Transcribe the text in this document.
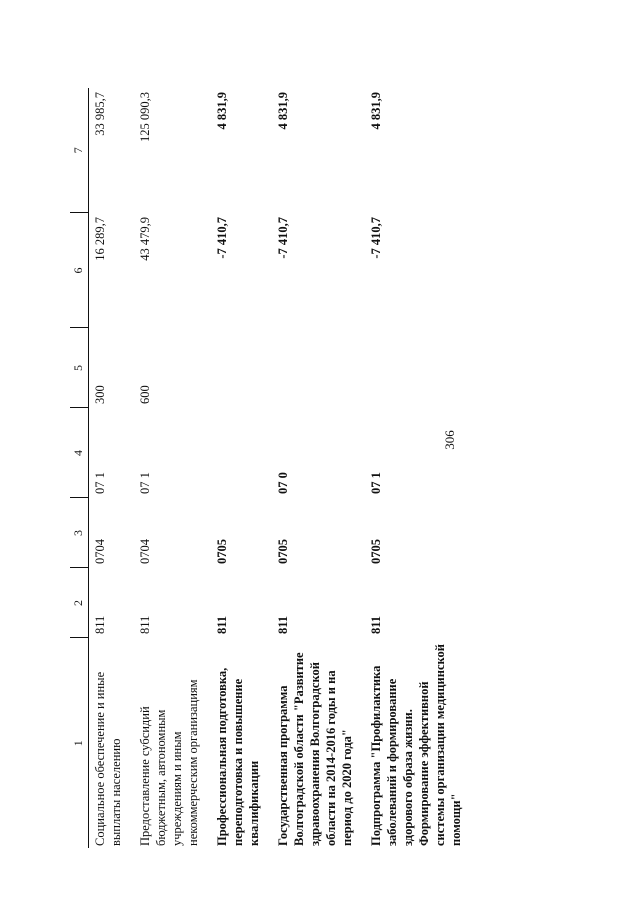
306
1	2	3	4	5	6	7
Социальное обеспечение и иные выплаты населению	811	0704	07 1	300	16 289,7	33 985,7
Предоставление субсидий бюджетным, автономным учреждениям и иным некоммерческим организациям	811	0704	07 1	600	43 479,9	125 090,3
Профессиональная подготовка, переподготовка и повышение квалификации	811	0705			-7 410,7	4 831,9
Государственная программа Волгоградской области "Развитие здравоохранения Волгоградской области на 2014-2016 годы и на период до 2020 года"	811	0705	07 0		-7 410,7	4 831,9
Подпрограмма "Профилактика заболеваний и формирование здорового образа жизни. Формирование эффективной системы организации медицинской помощи"	811	0705	07 1		-7 410,7	4 831,9
